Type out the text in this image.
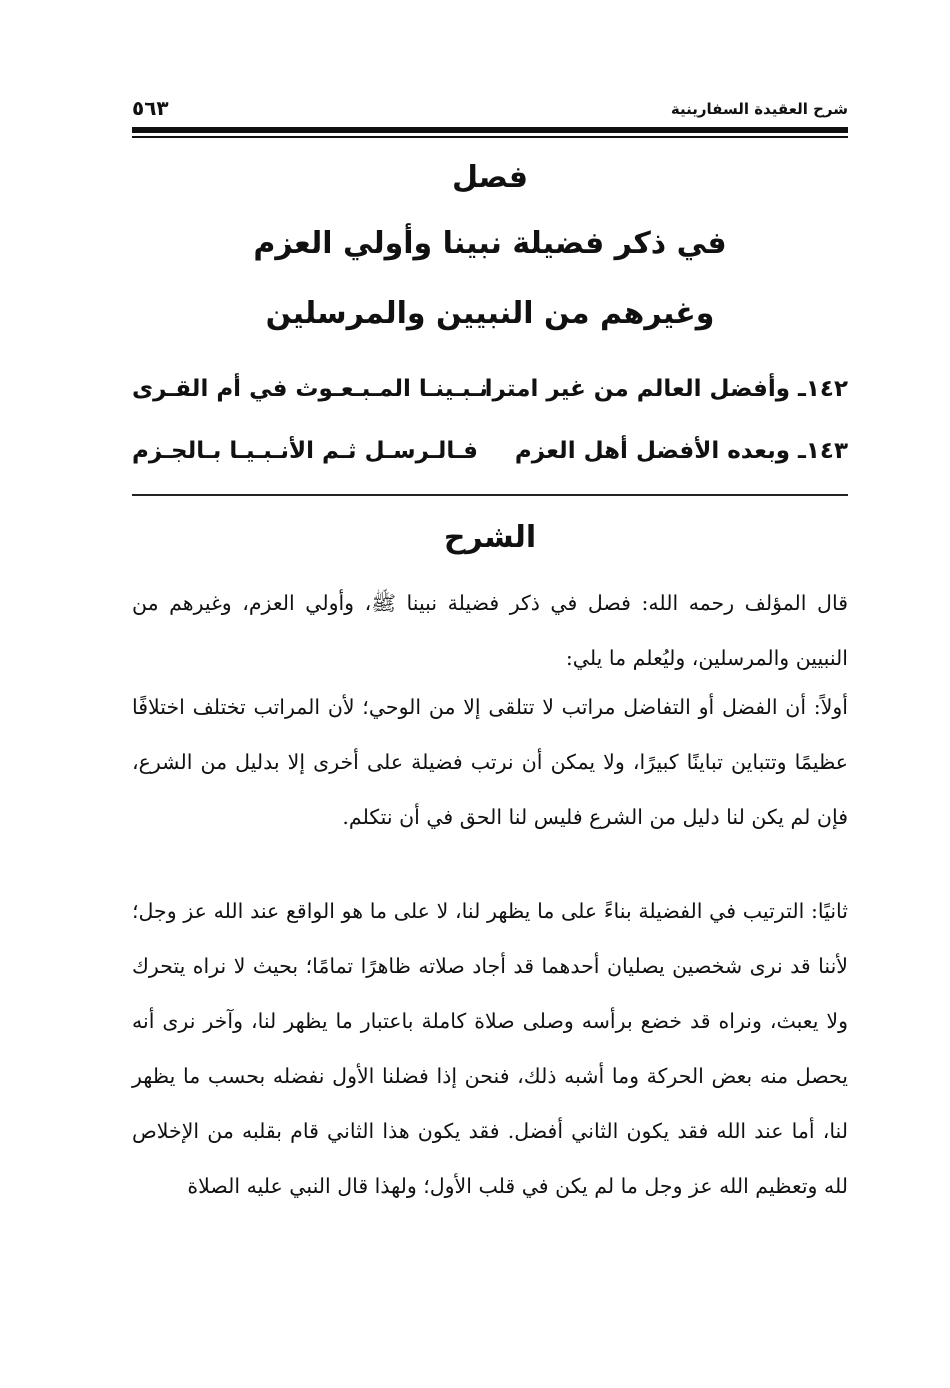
شرح العقيدة السفارينية
٥٦٣
فصل
في ذكر فضيلة نبينا وأولي العزم
وغيرهم من النبيين والمرسلين
١٤٢ـ
وأفضل العالم من غير امترا
نـبـينـا المـبـعـوث في أم القـرى
١٤٣ـ
وبعده الأفضل أهل العزم
فـالـرسـل ثـم الأنـبـيـا بـالجـزم
الشرح

قال المؤلف رحمه الله: فصل في ذكر فضيلة نبينا ﷺ، وأولي العزم، وغيرهم من النبيين والمرسلين، وليُعلم ما يلي:

أولاً: أن الفضل أو التفاضل مراتب لا تتلقى إلا من الوحي؛ لأن المراتب تختلف اختلافًا عظيمًا وتتباين تباينًا كبيرًا، ولا يمكن أن نرتب فضيلة على أخرى إلا بدليل من الشرع، فإن لم يكن لنا دليل من الشرع فليس لنا الحق في أن نتكلم.

ثانيًا: الترتيب في الفضيلة بناءً على ما يظهر لنا، لا على ما هو الواقع عند الله عز وجل؛ لأننا قد نرى شخصين يصليان أحدهما قد أجاد صلاته ظاهرًا تمامًا؛ بحيث لا نراه يتحرك ولا يعبث، ونراه قد خضع برأسه وصلى صلاة كاملة باعتبار ما يظهر لنا، وآخر نرى أنه يحصل منه بعض الحركة وما أشبه ذلك، فنحن إذا فضلنا الأول نفضله بحسب ما يظهر لنا، أما عند الله فقد يكون الثاني أفضل. فقد يكون هذا الثاني قام بقلبه من الإخلاص لله وتعظيم الله عز وجل ما لم يكن في قلب الأول؛ ولهذا قال النبي عليه الصلاة
